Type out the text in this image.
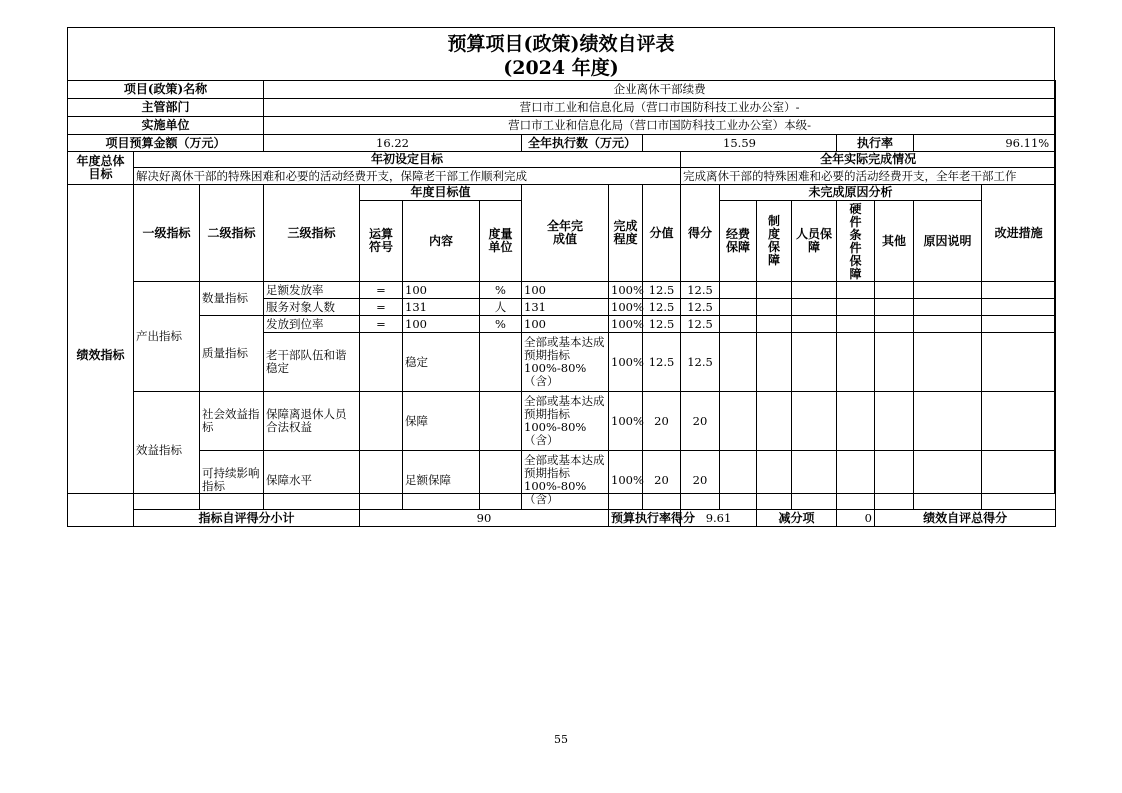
预算项目(政策)绩效自评表
(2024 年度)
项目(政策)名称			企业离休干部续费															
主管部门			营口市工业和信息化局（营口市国防科技工业办公室）-															
实施单位			营口市工业和信息化局（营口市国防科技工业办公室）本级-															
项目预算金额（万元）			16.22				全年执行数（万元）		15.59					执行率		96.11%		
年度总体
目标	年初设定目标									全年实际完成情况								
	解决好离休干部的特殊困难和必要的活动经费开支，保障老干部工作顺利完成									完成离休干部的特殊困难和必要的活动经费开支，全年老干部工作								
绩效指标	一级指标	二级指标	三级指标	年度目标值			全年完成值	完成程度	分值	得分	未完成原因分析						改进措施	
				运算符号	内容	度量单位					经费保障	制度保障	人员保障	硬件条件保障	其他	原因说明		
	产出指标	数量指标	足额发放率	=	100	%	100	100%	12.5	12.5								
			服务对象人数	=	131	人	131	100%	12.5	12.5								
		质量指标	发放到位率	=	100	%	100	100%	12.5	12.5								
			老干部队伍和谐稳定		稳定		全部或基本达成预期指标100%-80%（含）	100%	12.5	12.5								
	效益指标	社会效益指标	保障离退休人员合法权益		保障		全部或基本达成预期指标100%-80%（含）	100%	20	20								
		可持续影响指标	保障水平		足额保障		全部或基本达成预期指标100%-80%（含）	100%	20	20								
	指标自评得分小计			90				预算执行率得分		9.61		减分项		0	绩效自评总得分	
55
